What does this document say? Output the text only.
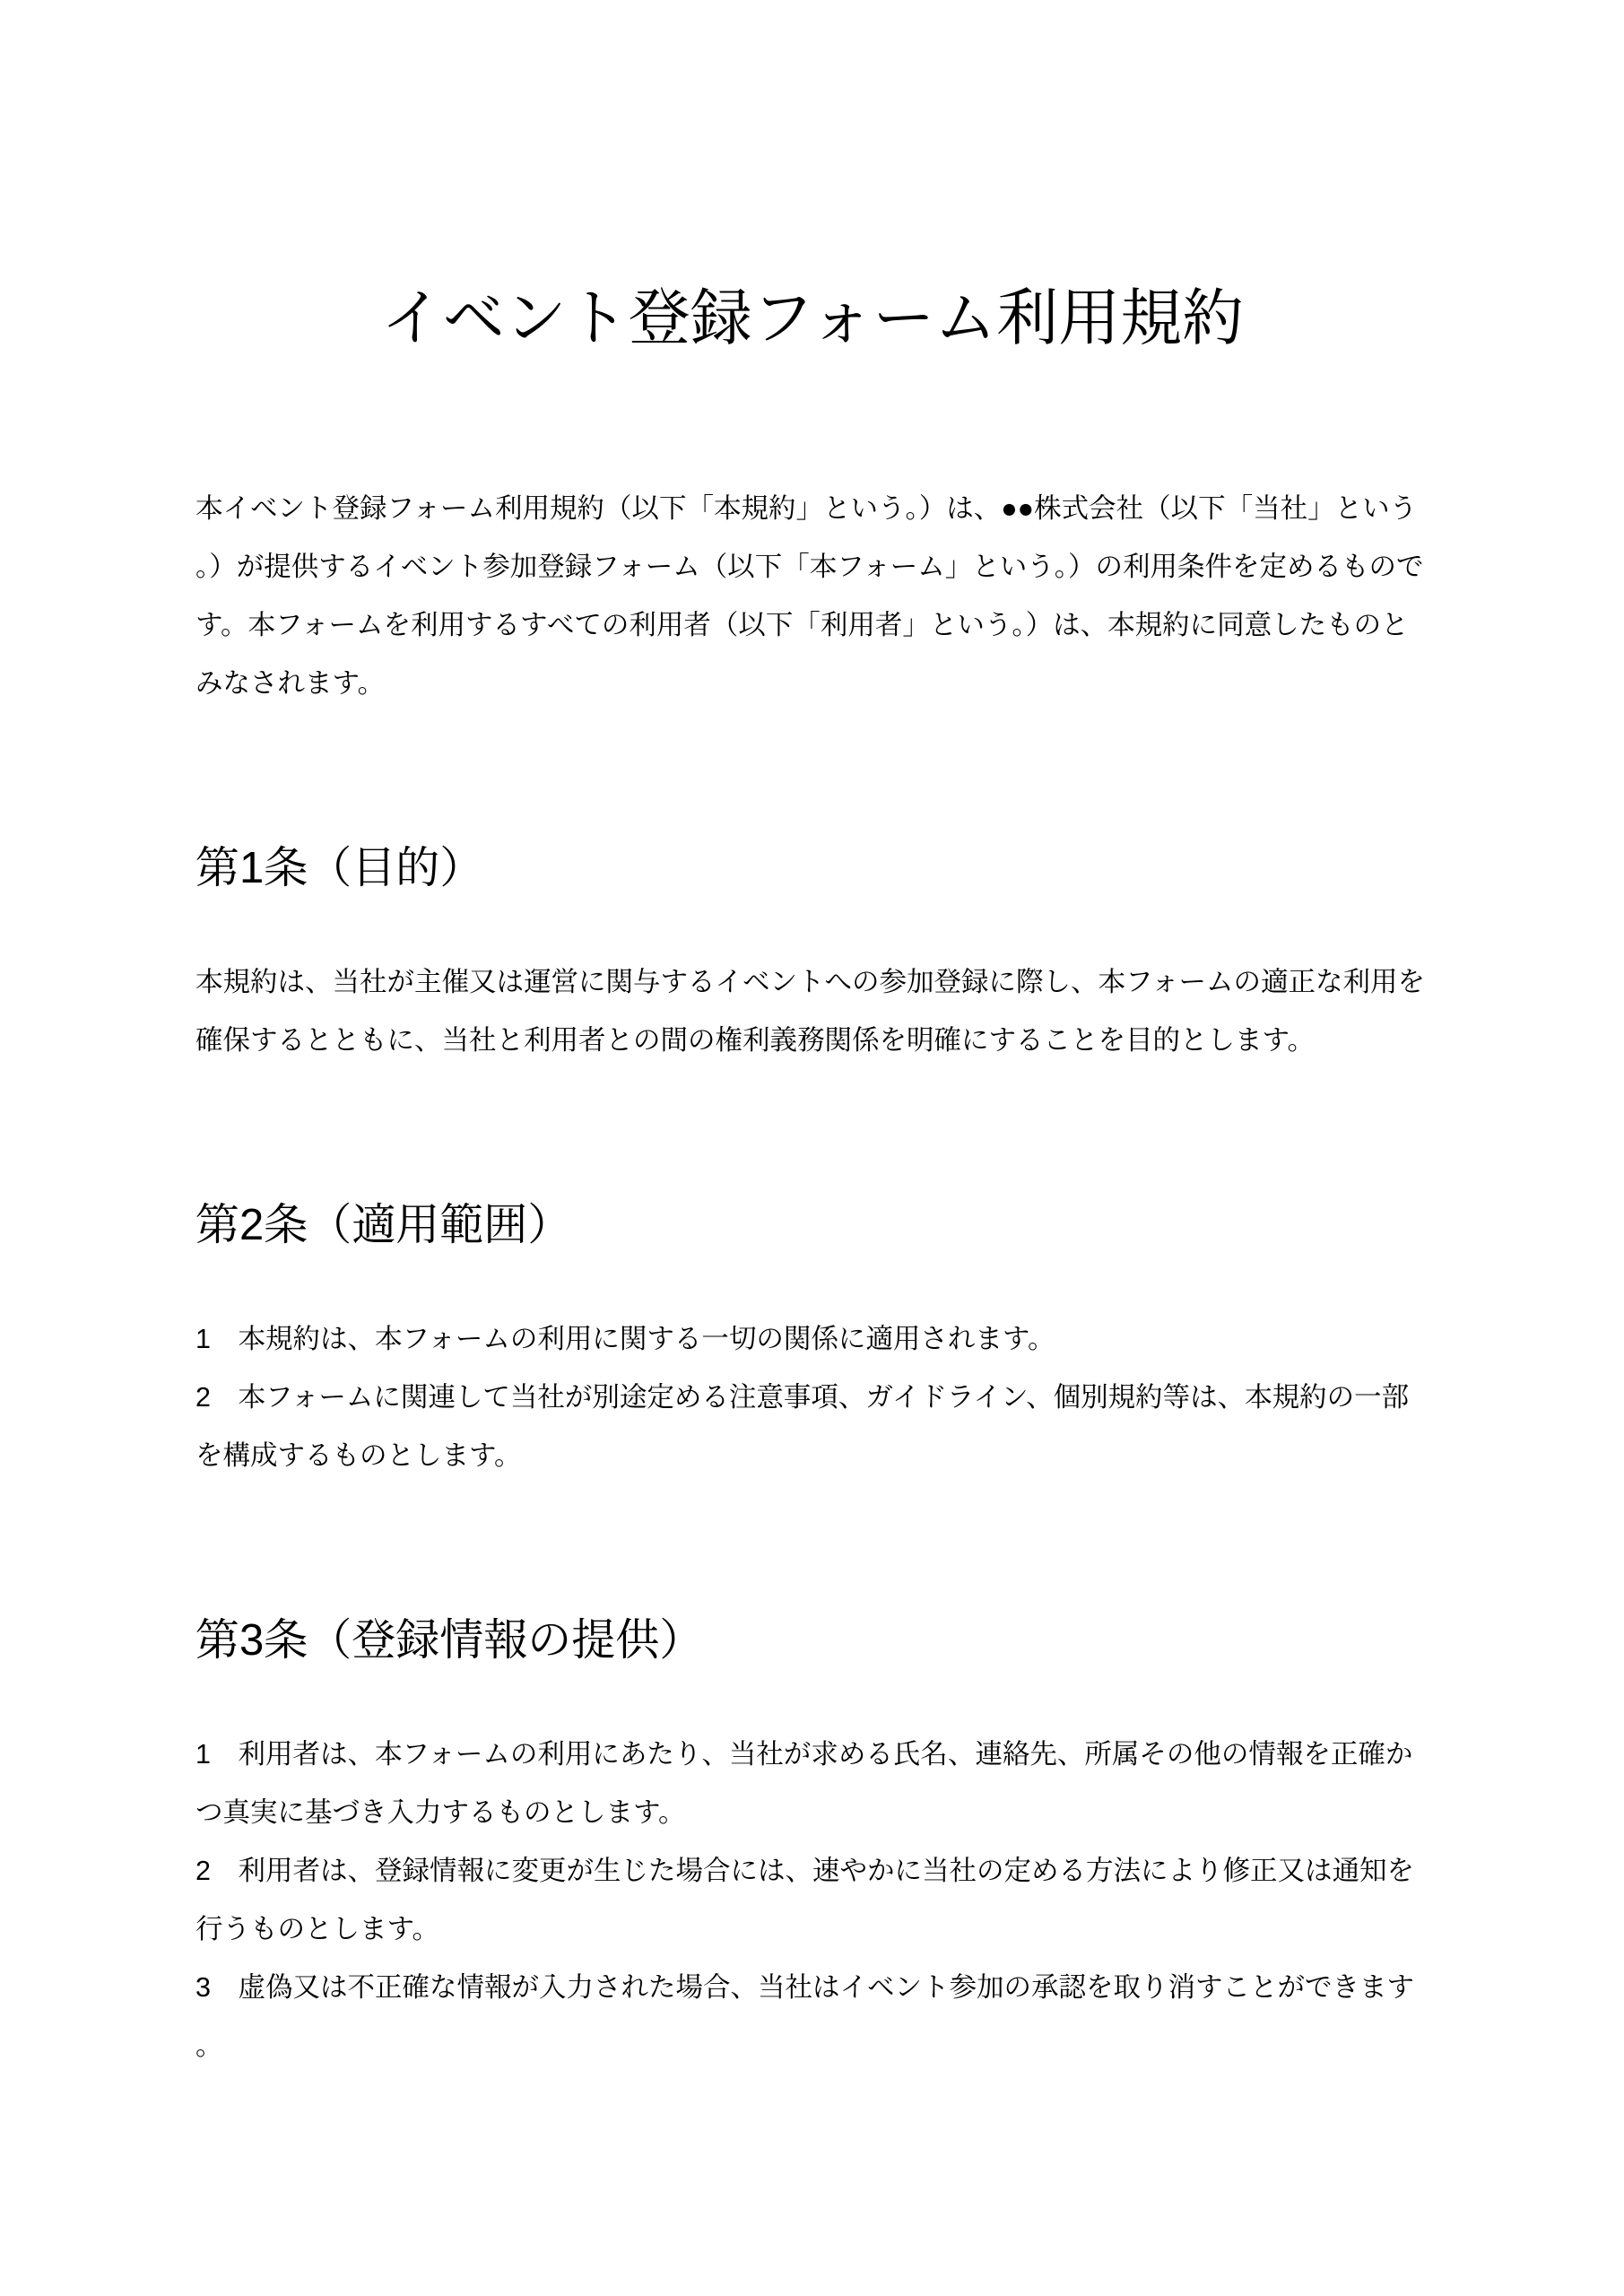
イベント登録フォーム利用規約

本イベント登録フォーム利用規約（以下「本規約」という。）は、●●株式会社（以下「当社」という。）が提供するイベント参加登録フォーム（以下「本フォーム」という。）の利用条件を定めるものです。本フォームを利用するすべての利用者（以下「利用者」という。）は、本規約に同意したものとみなされます。

第1条（目的）

本規約は、当社が主催又は運営に関与するイベントへの参加登録に際し、本フォームの適正な利用を確保するとともに、当社と利用者との間の権利義務関係を明確にすることを目的とします。

第2条（適用範囲）

1　本規約は、本フォームの利用に関する一切の関係に適用されます。

2　本フォームに関連して当社が別途定める注意事項、ガイドライン、個別規約等は、本規約の一部を構成するものとします。

第3条（登録情報の提供）

1　利用者は、本フォームの利用にあたり、当社が求める氏名、連絡先、所属その他の情報を正確かつ真実に基づき入力するものとします。

2　利用者は、登録情報に変更が生じた場合には、速やかに当社の定める方法により修正又は通知を行うものとします。

3　虚偽又は不正確な情報が入力された場合、当社はイベント参加の承認を取り消すことができます。
